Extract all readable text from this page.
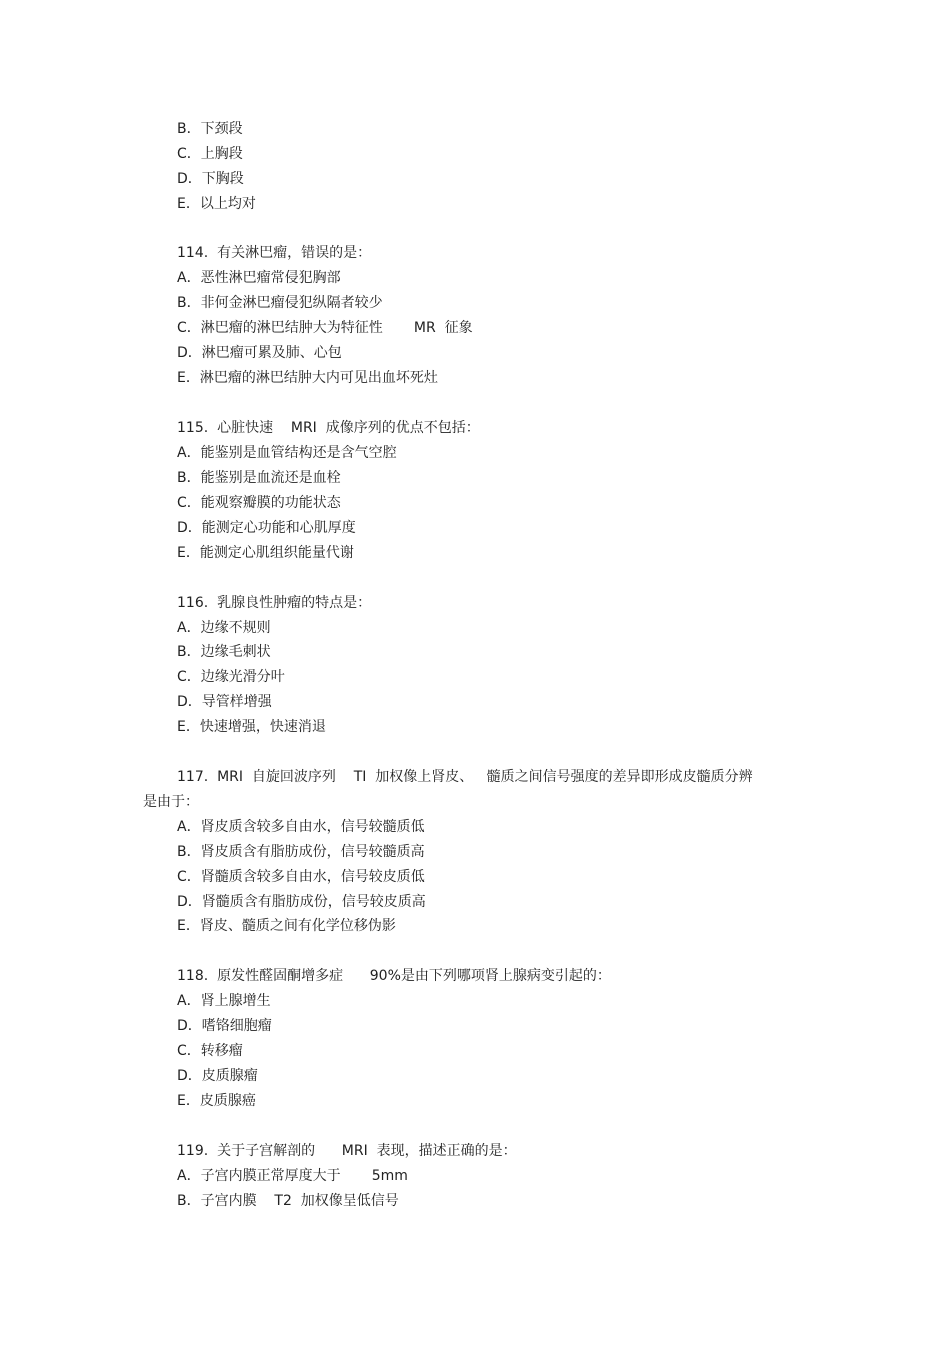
B．下颈段
C．上胸段
D．下胸段
E．以上均对
114.  有关淋巴瘤，错误的是：
A．恶性淋巴瘤常侵犯胸部
B．非何金淋巴瘤侵犯纵隔者较少
C．淋巴瘤的淋巴结肿大为特征性       MR  征象
D．淋巴瘤可累及肺、心包
E．淋巴瘤的淋巴结肿大内可见出血坏死灶
115.  心脏快速    MRI  成像序列的优点不包括：
A．能鉴别是血管结构还是含气空腔
B．能鉴别是血流还是血栓
C．能观察瓣膜的功能状态
D．能测定心功能和心肌厚度
E．能测定心肌组织能量代谢
116.  乳腺良性肿瘤的特点是：
A．边缘不规则
B．边缘毛刺状
C．边缘光滑分叶
D．导管样增强
E．快速增强，快速消退
117.  MRI  自旋回波序列    TI  加权像上肾皮、   髓质之间信号强度的差异即形成皮髓质分辨
是由于：
A．肾皮质含较多自由水，信号较髓质低
B．肾皮质含有脂肪成份，信号较髓质高
C．肾髓质含较多自由水，信号较皮质低
D．肾髓质含有脂肪成份，信号较皮质高
E．肾皮、髓质之间有化学位移伪影
118.  原发性醛固酮增多症      90%是由下列哪项肾上腺病变引起的：
A．肾上腺增生
D．嗜铬细胞瘤
C．转移瘤
D．皮质腺瘤
E．皮质腺癌
119.  关于子宫解剖的      MRI  表现，描述正确的是：
A．子宫内膜正常厚度大于       5mm
B．子宫内膜    T2  加权像呈低信号
